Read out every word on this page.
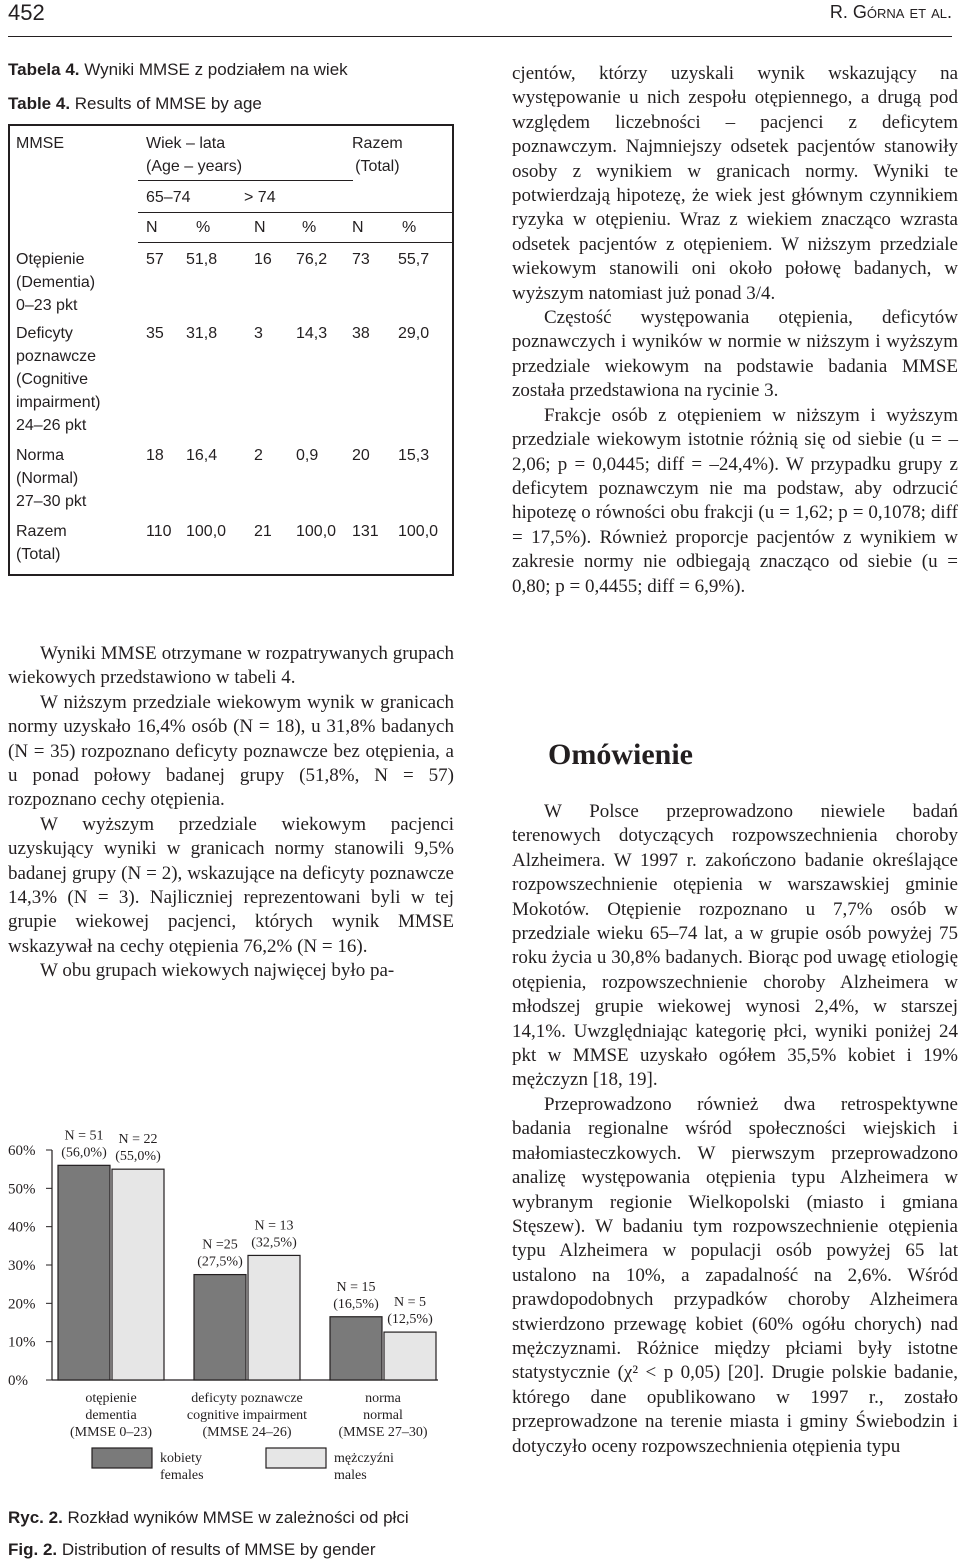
452	R. Górna et al.
Tabela 4. Wyniki MMSE z podziałem na wiek
Table 4. Results of MMSE by age
MMSE	Wiek – lata
(Age – years)
Razem
(Total)
65–74	> 74
N %	N % N %
Otępienie
(Dementia)
0–23 pkt
57 51,8 16 76,2 73 55,7
Deficyty
poznawcze
(Cognitive
impairment)
24–26 pkt
35 31,8 3 14,3 38 29,0
Norma
(Normal)
27–30 pkt
18 16,4 2 0,9 20 15,3
Razem
(Total)
110 100,0 21 100,0 131 100,0

Wyniki MMSE otrzymane w rozpatrywanych grupach wiekowych przedstawiono w tabeli 4.

W niższym przedziale wiekowym wynik w granicach normy uzyskało 16,4% osób (N = 18), u 31,8% badanych (N = 35) rozpoznano deficyty poznawcze bez otępienia, a u ponad połowy badanej grupy (51,8%, N = 57) rozpoznano cechy otępienia.

W wyższym przedziale wiekowym pacjenci uzyskujący wyniki w granicach normy stanowili 9,5% badanej grupy (N = 2), wskazujące na deficyty poznawcze 14,3% (N = 3). Najliczniej reprezentowani byli w tej grupie wiekowej pacjenci, których wynik MMSE wskazywał na cechy otępienia 76,2% (N = 16).

W obu grupach wiekowych najwięcej było pa-

cjentów, którzy uzyskali wynik wskazujący na występowanie u nich zespołu otępiennego, a drugą pod względem liczebności – pacjenci z deficytem poznawczym. Najmniejszy odsetek pacjentów stanowiły osoby z wynikiem w granicach normy. Wyniki te potwierdzają hipotezę, że wiek jest głównym czynnikiem ryzyka w otępieniu. Wraz z wiekiem znacząco wzrasta odsetek pacjentów z otępieniem. W niższym przedziale wiekowym stanowili oni około połowę badanych, w wyższym natomiast już ponad 3/4.

Częstość występowania otępienia, deficytów poznawczych i wyników w normie w niższym i wyższym przedziale wiekowym na podstawie badania MMSE została przedstawiona na rycinie 3.

Frakcje osób z otępieniem w niższym i wyższym przedziale wiekowym istotnie różnią się od siebie (u = –2,06; p = 0,0445; diff = –24,4%). W przypadku grupy z deficytem poznawczym nie ma podstaw, aby odrzucić hipotezę o równości obu frakcji (u = 1,62; p = 0,1078; diff = 17,5%). Również proporcje pacjentów z wynikiem w zakresie normy nie odbiegają znacząco od siebie (u = 0,80; p = 0,4455; diff = 6,9%).

Omówienie

W Polsce przeprowadzono niewiele badań terenowych dotyczących rozpowszechnienia choroby Alzheimera. W 1997 r. zakończono badanie określające rozpowszechnienie otępienia w warszawskiej gminie Mokotów. Otępienie rozpoznano u 7,7% osób w przedziale wieku 65–74 lat, a w grupie osób powyżej 75 roku życia u 30,8% badanych. Biorąc pod uwagę etiologię otępienia, rozpowszechnienie choroby Alzheimera w młodszej grupie wiekowej wynosi 2,4%, w starszej 14,1%. Uwzględniając kategorię płci, wyniki poniżej 24 pkt w MMSE uzyskało ogółem 35,5% kobiet i 19% mężczyzn [18, 19].

Przeprowadzono również dwa retrospektywne badania regionalne wśród społeczności wiejskich i małomiasteczkowych. W pierwszym przeprowadzono analizę występowania otępienia typu Alzheimera w wybranym regionie Wielkopolski (miasto i gmiana Stęszew). W badaniu tym rozpowszechnienie otępienia typu Alzheimera w populacji osób powyżej 65 lat ustalono na 10%, a zapadalność na 2,6%. Wśród prawdopodobnych przypadków choroby Alzheimera stwierdzono przewagę kobiet (60% ogółu chorych) nad mężczyznami. Różnice między płciami były istotne statystycznie (χ² < p 0,05) [20]. Drugie polskie badanie, którego dane opublikowano w 1997 r., zostało przeprowadzone na terenie miasta i gminy Świebodzin i dotyczyło oceny rozpowszechnienia otępienia typu

0%
10%
20%
30%
40%
50%
60%
N = 51 (56,0%)
N = 22 (55,0%)
otępienie dementia (MMSE 0–23)
N =25 (27,5%)
N = 13 (32,5%)
deficyty poznawcze cognitive impairment (MMSE 24–26)
N = 15 (16,5%)	N = 5 (12,5%)
norma normal (MMSE 27–30)
kobiety females
mężczyźni males
Ryc. 2. Rozkład wyników MMSE w zależności od płci
Fig. 2. Distribution of results of MMSE by gender
